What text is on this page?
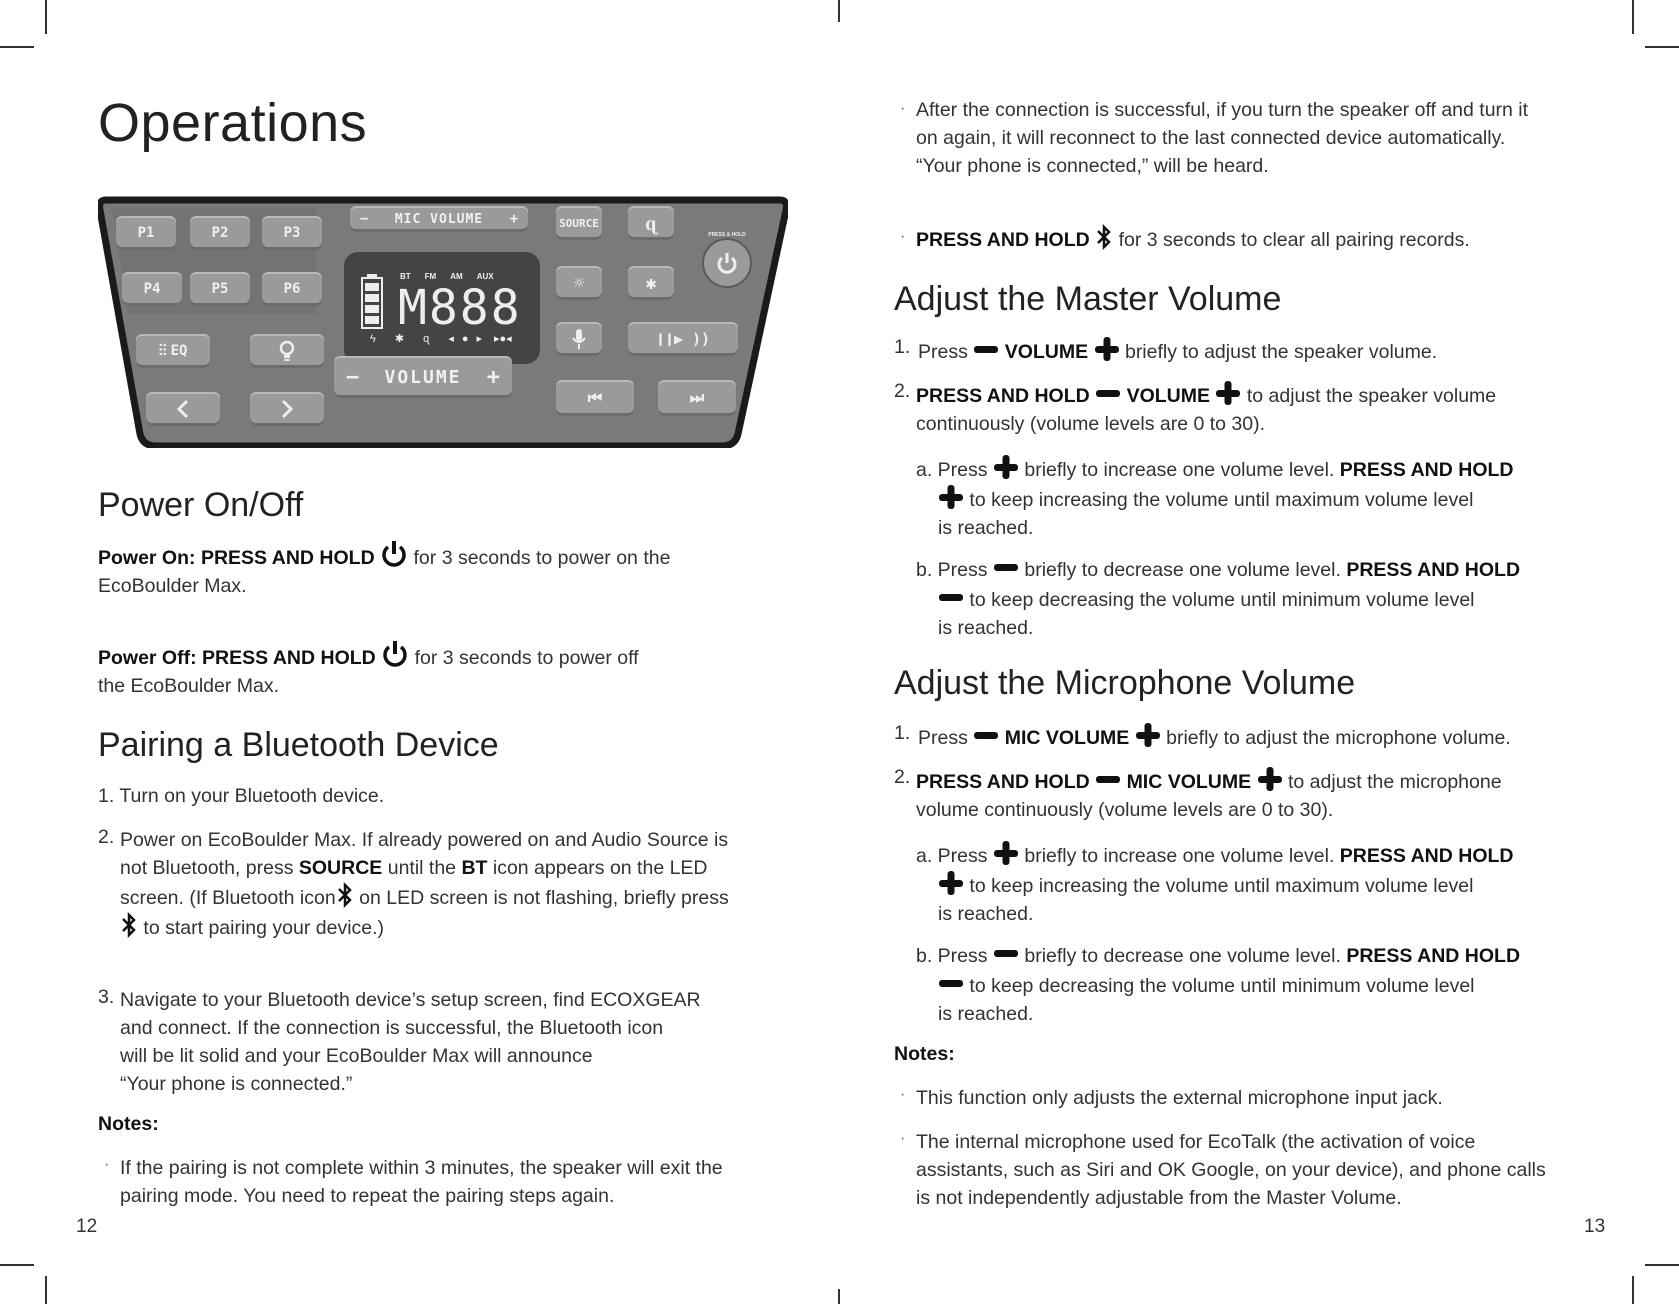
Operations
P1	P2	P3
P4	P5	P6
⫶⫶ EQ
− MIC VOLUME +
BT FM AM AUX
M888
ϟ ✱ ɋ ◂●▸ ▸●◂
− VOLUME +
SOURCE ɋ
☼	✱
❙❙▶ ))
⏮	⏭
PRESS & HOLD
Power On/Off

Power On: PRESS AND HOLD for 3 seconds to power on the
EcoBoulder Max.

Power Off: PRESS AND HOLD for 3 seconds to power off
the EcoBoulder Max.

Pairing a Bluetooth Device

1. Turn on your Bluetooth device.

2. Power on EcoBoulder Max. If already powered on and Audio Source is
not Bluetooth, press SOURCE until the BT icon appears on the LED
screen. (If Bluetooth icon on LED screen is not flashing, briefly press
to start pairing your device.)

3. Navigate to your Bluetooth device’s setup screen, find ECOXGEAR
and connect. If the connection is successful, the Bluetooth icon
will be lit solid and your EcoBoulder Max will announce
“Your phone is connected.”

Notes:

· If the pairing is not complete within 3 minutes, the speaker will exit the
pairing mode. You need to repeat the pairing steps again.

12
· After the connection is successful, if you turn the speaker off and turn it
on again, it will reconnect to the last connected device automatically.
“Your phone is connected,” will be heard.

· PRESS AND HOLD for 3 seconds to clear all pairing records.

Adjust the Master Volume
1. Press VOLUME briefly to adjust the speaker volume.

2. PRESS AND HOLD VOLUME to adjust the speaker volume
continuously (volume levels are 0 to 30).

a. Press briefly to increase one volume level. PRESS AND HOLD
to keep increasing the volume until maximum volume level
is reached.

b. Press briefly to decrease one volume level. PRESS AND HOLD
to keep decreasing the volume until minimum volume level
is reached.

Adjust the Microphone Volume
1. Press MIC VOLUME briefly to adjust the microphone volume.

2. PRESS AND HOLD MIC VOLUME to adjust the microphone
volume continuously (volume levels are 0 to 30).

a. Press briefly to increase one volume level. PRESS AND HOLD
to keep increasing the volume until maximum volume level
is reached.

b. Press briefly to decrease one volume level. PRESS AND HOLD
to keep decreasing the volume until minimum volume level
is reached.

Notes:

· This function only adjusts the external microphone input jack.

· The internal microphone used for EcoTalk (the activation of voice
assistants, such as Siri and OK Google, on your device), and phone calls
is not independently adjustable from the Master Volume.

13
